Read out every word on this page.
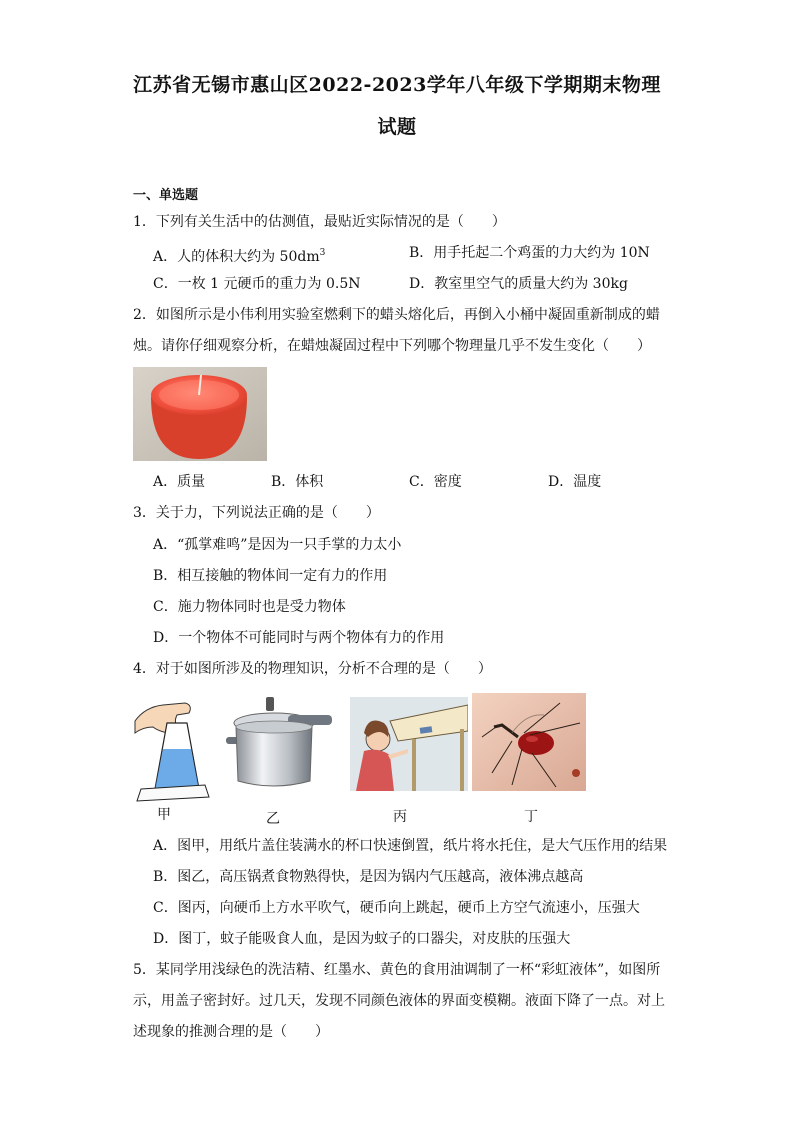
江苏省无锡市惠山区2022-2023学年八年级下学期期末物理
试题
一、单选题
1．下列有关生活中的估测值，最贴近实际情况的是（　　）
A．人的体积大约为 $50dm^3$	B．用手托起二个鸡蛋的力大约为 10N
C．一枚 1 元硬币的重力为 0.5N	D．教室里空气的质量大约为 30kg
2．如图所示是小伟利用实验室燃剩下的蜡头熔化后，再倒入小桶中凝固重新制成的蜡
烛。请你仔细观察分析，在蜡烛凝固过程中下列哪个物理量几乎不发生变化（　　）
A．质量	B．体积	C．密度	D．温度
3．关于力，下列说法正确的是（　　）
A．“孤掌难鸣”是因为一只手掌的力太小
B．相互接触的物体间一定有力的作用
C．施力物体同时也是受力物体
D．一个物体不可能同时与两个物体有力的作用
4．对于如图所涉及的物理知识，分析不合理的是（　　）
甲	乙	丙	丁
A．图甲，用纸片盖住装满水的杯口快速倒置，纸片将水托住，是大气压作用的结果
B．图乙，高压锅煮食物熟得快，是因为锅内气压越高，液体沸点越高
C．图丙，向硬币上方水平吹气，硬币向上跳起，硬币上方空气流速小，压强大
D．图丁，蚊子能吸食人血，是因为蚊子的口器尖，对皮肤的压强大
5．某同学用浅绿色的洗洁精、红墨水、黄色的食用油调制了一杯“彩虹液体”，如图所
示，用盖子密封好。过几天，发现不同颜色液体的界面变模糊。液面下降了一点。对上
述现象的推测合理的是（　　）
